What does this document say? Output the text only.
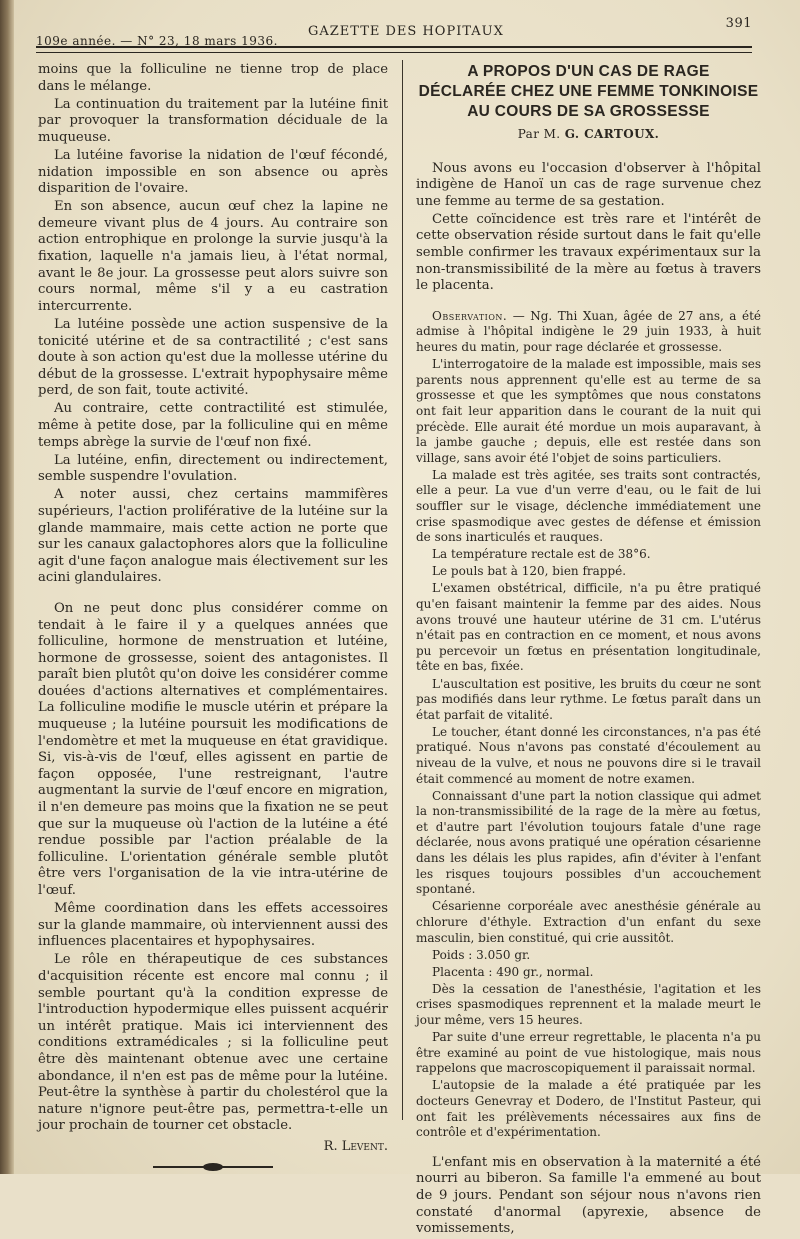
109e année. — N° 23, 18 mars 1936.
GAZETTE DES HOPITAUX
391

moins que la folliculine ne tienne trop de place dans le mélange.

La continuation du traitement par la lutéine finit par provoquer la transformation déciduale de la muqueuse.

La lutéine favorise la nidation de l'œuf fécondé, nidation impossible en son absence ou après disparition de l'ovaire.

En son absence, aucun œuf chez la lapine ne demeure vivant plus de 4 jours. Au contraire son action entrophique en prolonge la survie jusqu'à la fixation, laquelle n'a jamais lieu, à l'état normal, avant le 8e jour. La grossesse peut alors suivre son cours normal, même s'il y a eu castration intercurrente.

La lutéine possède une action suspensive de la tonicité utérine et de sa contractilité ; c'est sans doute à son action qu'est due la mollesse utérine du début de la grossesse. L'extrait hypophysaire même perd, de son fait, toute activité.

Au contraire, cette contractilité est stimulée, même à petite dose, par la folliculine qui en même temps abrège la survie de l'œuf non fixé.

La lutéine, enfin, directement ou indirectement, semble suspendre l'ovulation.

A noter aussi, chez certains mammifères supérieurs, l'action proliférative de la lutéine sur la glande mammaire, mais cette action ne porte que sur les canaux galactophores alors que la folliculine agit d'une façon analogue mais électivement sur les acini glandulaires.

On ne peut donc plus considérer comme on tendait à le faire il y a quelques années que folliculine, hormone de menstruation et lutéine, hormone de grossesse, soient des antagonistes. Il paraît bien plutôt qu'on doive les considérer comme douées d'actions alternatives et complémentaires. La folliculine modifie le muscle utérin et prépare la muqueuse ; la lutéine poursuit les modifications de l'endomètre et met la muqueuse en état gravidique. Si, vis-à-vis de l'œuf, elles agissent en partie de façon opposée, l'une restreignant, l'autre augmentant la survie de l'œuf encore en migration, il n'en demeure pas moins que la fixation ne se peut que sur la muqueuse où l'action de la lutéine a été rendue possible par l'action préalable de la folliculine. L'orientation générale semble plutôt être vers l'organisation de la vie intra-utérine de l'œuf.

Même coordination dans les effets accessoires sur la glande mammaire, où interviennent aussi des influences placentaires et hypophysaires.

Le rôle en thérapeutique de ces substances d'acquisition récente est encore mal connu ; il semble pourtant qu'à la condition expresse de l'introduction hypodermique elles puissent acquérir un intérêt pratique. Mais ici interviennent des conditions extramédicales ; si la folliculine peut être dès maintenant obtenue avec une certaine abondance, il n'en est pas de même pour la lutéine. Peut-être la synthèse à partir du cholestérol que la nature n'ignore peut-être pas, permettra-t-elle un jour prochain de tourner cet obstacle.

R. Levent.
A PROPOS D'UN CAS DE RAGE
DÉCLARÉE CHEZ UNE FEMME TONKINOISE
AU COURS DE SA GROSSESSE
Par M. G. CARTOUX.

Nous avons eu l'occasion d'observer à l'hôpital indigène de Hanoï un cas de rage survenue chez une femme au terme de sa gestation.

Cette coïncidence est très rare et l'intérêt de cette observation réside surtout dans le fait qu'elle semble confirmer les travaux expérimentaux sur la non-transmissibilité de la mère au fœtus à travers le placenta.

Observation. — Ng. Thi Xuan, âgée de 27 ans, a été admise à l'hôpital indigène le 29 juin 1933, à huit heures du matin, pour rage déclarée et grossesse.

L'interrogatoire de la malade est impossible, mais ses parents nous apprennent qu'elle est au terme de sa grossesse et que les symptômes que nous constatons ont fait leur apparition dans le courant de la nuit qui précède. Elle aurait été mordue un mois auparavant, à la jambe gauche ; depuis, elle est restée dans son village, sans avoir été l'objet de soins particuliers.

La malade est très agitée, ses traits sont contractés, elle a peur. La vue d'un verre d'eau, ou le fait de lui souffler sur le visage, déclenche immédiatement une crise spasmodique avec gestes de défense et émission de sons inarticulés et rauques.

La température rectale est de 38°6.

Le pouls bat à 120, bien frappé.

L'examen obstétrical, difficile, n'a pu être pratiqué qu'en faisant maintenir la femme par des aides. Nous avons trouvé une hauteur utérine de 31 cm. L'utérus n'était pas en contraction en ce moment, et nous avons pu percevoir un fœtus en présentation longitudinale, tête en bas, fixée.

L'auscultation est positive, les bruits du cœur ne sont pas modifiés dans leur rythme. Le fœtus paraît dans un état parfait de vitalité.

Le toucher, étant donné les circonstances, n'a pas été pratiqué. Nous n'avons pas constaté d'écoulement au niveau de la vulve, et nous ne pouvons dire si le travail était commencé au moment de notre examen.

Connaissant d'une part la notion classique qui admet la non-transmissibilité de la rage de la mère au fœtus, et d'autre part l'évolution toujours fatale d'une rage déclarée, nous avons pratiqué une opération césarienne dans les délais les plus rapides, afin d'éviter à l'enfant les risques toujours possibles d'un accouchement spontané.

Césarienne corporéale avec anesthésie générale au chlorure d'éthyle. Extraction d'un enfant du sexe masculin, bien constitué, qui crie aussitôt.

Poids : 3.050 gr.

Placenta : 490 gr., normal.

Dès la cessation de l'anesthésie, l'agitation et les crises spasmodiques reprennent et la malade meurt le jour même, vers 15 heures.

Par suite d'une erreur regrettable, le placenta n'a pu être examiné au point de vue histologique, mais nous rappelons que macroscopiquement il paraissait normal.

L'autopsie de la malade a été pratiquée par les docteurs Genevray et Dodero, de l'Institut Pasteur, qui ont fait les prélèvements nécessaires aux fins de contrôle et d'expérimentation.

L'enfant mis en observation à la maternité a été nourri au biberon. Sa famille l'a emmené au bout de 9 jours. Pendant son séjour nous n'avons rien constaté d'anormal (apyrexie, absence de vomissements,
